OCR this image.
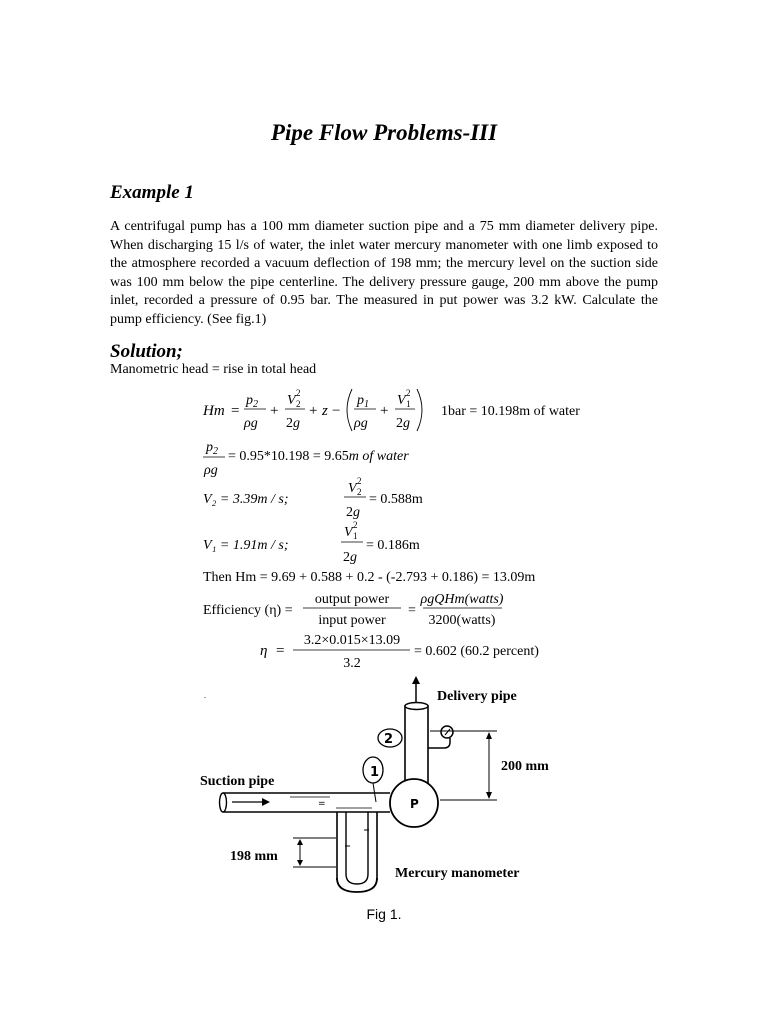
Pipe Flow Problems-III
Example 1

A centrifugal pump has a 100 mm diameter suction pipe and a 75 mm diameter delivery pipe. When discharging 15 l/s of water, the inlet water mercury manometer with one limb exposed to the atmosphere recorded a vacuum deflection of 198 mm; the mercury level on the suction side was 100 mm below the pipe centerline. The delivery pressure gauge, 200 mm above the pump inlet, recorded a pressure of 0.95 bar. The measured in put power was 3.2 kW. Calculate the pump efficiency. (See fig.1)

Solution;
Manometric head = rise in total head
Hm =
$p_2$
ρg
+
V 2
2
2g
+ z −
$p_1$
ρg
+
V 2
1
2g
1bar = 10.198m of water
$p_2$
ρg
= 0.95*10.198 = 9.65m of water
V₂ = 3.39m / s;
V 2
2
2g
= 0.588m
V₁ = 1.91m / s;
V 2
1
2g
= 0.186m
Then Hm = 9.69 + 0.588 + 0.2 - (-2.793 + 0.186) = 13.09m
Efficiency (η) =
output power
input power
=
ρgQHm(watts)
3200(watts)
η =
3.2×0.015×13.09
3.2
= 0.602 (60.2 percent)
.
P
=
1
2
Delivery pipe
Suction pipe
200 mm
198 mm
Mercury manometer
Fig 1.
